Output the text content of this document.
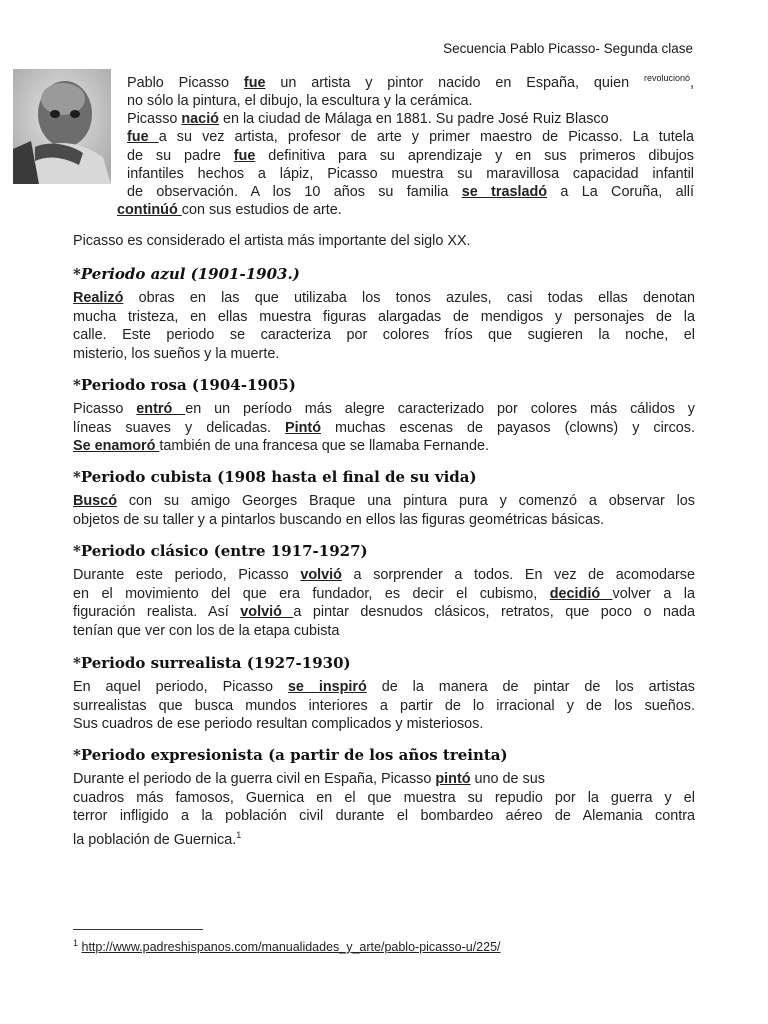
Secuencia Pablo Picasso- Segunda clase
Pablo Picasso fue un artista y pintor nacido en España, quien $^{revolucionó}$,
no sólo la pintura, el dibujo, la escultura y la cerámica.
Picasso nació en la ciudad de Málaga en 1881. Su padre José Ruiz Blasco
fue a su vez artista, profesor de arte y primer maestro de Picasso. La tutela
de su padre fue definitiva para su aprendizaje y en sus primeros dibujos
infantiles hechos a lápiz, Picasso muestra su maravillosa capacidad infantil
de observación. A los 10 años su familia se trasladó a La Coruña, allí
continúó con sus estudios de arte.
Picasso es considerado el artista más importante del siglo XX.
*Periodo azul (1901-1903.)
Realizó obras en las que utilizaba los tonos azules, casi todas ellas denotan
mucha tristeza, en ellas muestra figuras alargadas de mendigos y personajes de la
calle. Este periodo se caracteriza por colores fríos que sugieren la noche, el
misterio, los sueños y la muerte.
*Periodo rosa (1904-1905)
Picasso entró en un período más alegre caracterizado por colores más cálidos y
líneas suaves y delicadas. Pintó muchas escenas de payasos (clowns) y circos.
Se enamoró también de una francesa que se llamaba Fernande.
*Periodo cubista (1908 hasta el final de su vida)
Buscó con su amigo Georges Braque una pintura pura y comenzó a observar los
objetos de su taller y a pintarlos buscando en ellos las figuras geométricas básicas.
*Periodo clásico (entre 1917-1927)
Durante este periodo, Picasso volvió a sorprender a todos. En vez de acomodarse
en el movimiento del que era fundador, es decir el cubismo, decidió volver a la
figuración realista. Así volvió a pintar desnudos clásicos, retratos, que poco o nada
tenían que ver con los de la etapa cubista
*Periodo surrealista (1927-1930)
En aquel periodo, Picasso se inspiró de la manera de pintar de los artistas
surrealistas que busca mundos interiores a partir de lo irracional y de los sueños.
Sus cuadros de ese periodo resultan complicados y misteriosos.
*Periodo expresionista (a partir de los años treinta)
Durante el periodo de la guerra civil en España, Picasso pintó uno de sus
cuadros más famosos, Guernica en el que muestra su repudio por la guerra y el
terror infligido a la población civil durante el bombardeo aéreo de Alemania contra
la población de Guernica.$^1$
$^1$ http://www.padreshispanos.com/manualidades_y_arte/pablo-picasso-u/225/
